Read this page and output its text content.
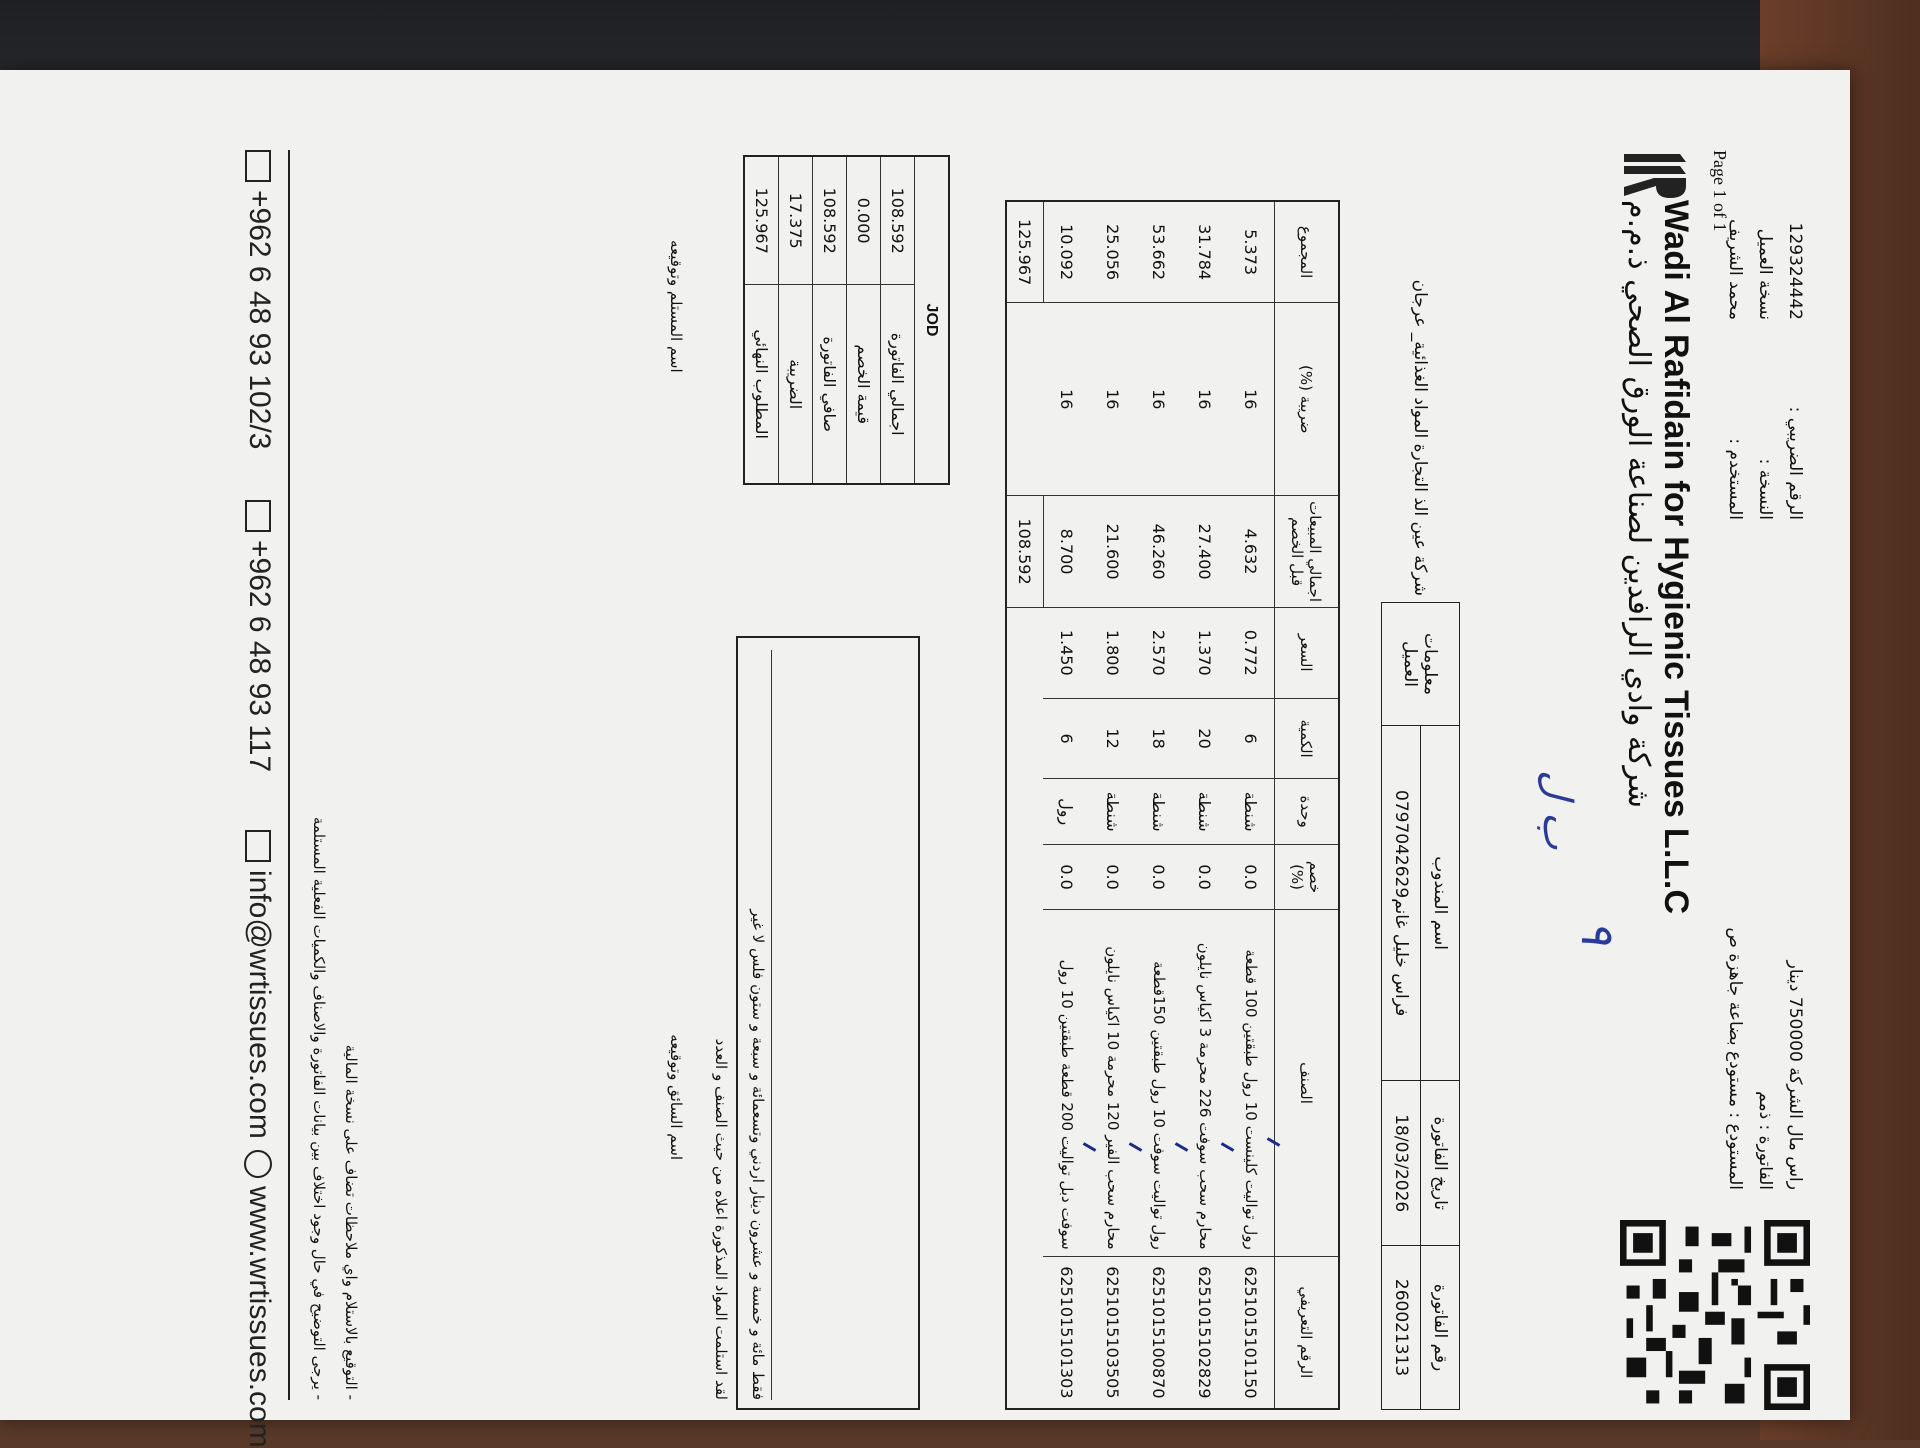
راس مال الشركة 750000 دينار
الفاتورة : ذمم
المستودع : مستودع بضاعة جاهزة ص
الرقم الضريبي :
النسخة :
المستخدم :
129324442
نسخة العميل
محمد الشريف
Page 1 of 1
Wadi Al Rafidain for Hygienic Tissues L.L.C
شركة وادي الرافدين لصناعة الورق الصحي ذ.م.م
٩
ب ل
رقم الفاتورة	تاريخ الفاتورة	اسم المندوب	معلومات العميل	شركة عين الذ التجارة المواد الغذائية_ عرجان
260021313	18/03/2026	فراس خليل غانم0797042629		
الرقم التعريفي	الصنف	خصم (%)	وحدة	الكمية	السعر	اجمالي المبيعات قبل الخصم	ضريبة (%)	المجموع
6251015101150	رول تواليت كلينست 10 رول طبقتين 100 قطعة	0.0	شنطة	6	0.772	4.632	16	5.373
6251015102829	محارم سحب سوفت 226 محرمة 3 اكياس نايلون	0.0	شنطة	20	1.370	27.400	16	31.784
6251015100870	رول تواليت سوفت 10 رول طبقتين 150قطعة	0.0	شنطة	18	2.570	46.260	16	53.662
6251015103505	محارم سحب الفير 120 محرمة 10 اكياس نايلون	0.0	شنطة	12	1.800	21.600	16	25.056
6251015101303	سوفت دبل تواليت 200 قطعة طبقتين 10 رول	0.0	رول	6	1.450	8.700	16	10.092
						108.592		125.967
JOD	
اجمالي الفاتورة	108.592
قيمة الخصم	0.000
صافي الفاتورة	108.592
الضريبة	17.375
المطلوب النهائي	125.967
فقط مائة و خمسة و عشرون دينار اردني وتسعمائة و سبعة و ستون فلس لا غير
لقد استلمت المواد المذكورة اعلاه من حيث الصنف و العدد
اسم السائق وتوقيعه
اسم المستلم وتوقيعه
- التوقيع بالاستلام واي ملاحظات تضاف على نسخة المالية
- يرجى التوضيح في حال وجود اختلاف بين بيانات الفاتورة والاصناف والكميات الفعلية المستلمة
+962 6 48 93 102/3
+962 6 48 93 117
info@wrtissues.com
www.wrtissues.com
